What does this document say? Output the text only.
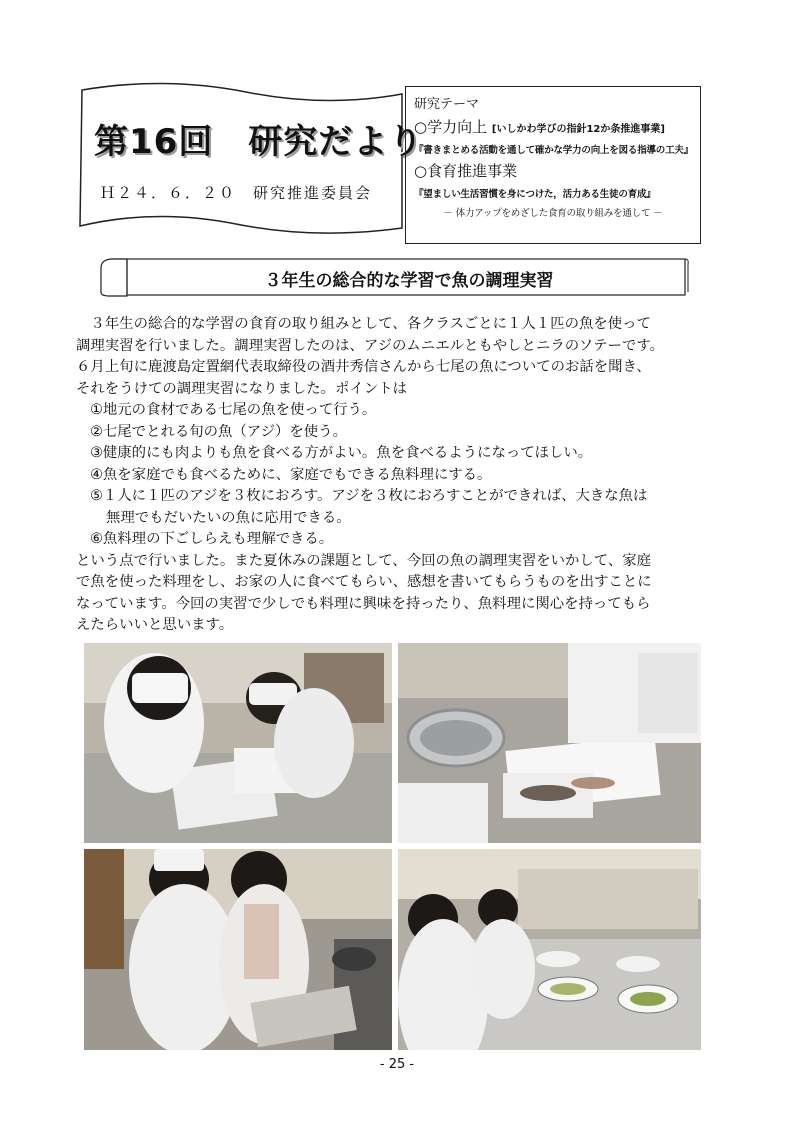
第16回　研究だより
Ｈ２４．６．２０　研究推進委員会
研究テーマ
○学力向上 [いしかわ学びの指針12か条推進事業]
『書きまとめる活動を通して確かな学力の向上を図る指導の工夫』
○食育推進事業
『望ましい生活習慣を身につけた，活力ある生徒の育成』
－ 体力アップをめざした食育の取り組みを通して －
３年生の総合的な学習で魚の調理実習

　３年生の総合的な学習の食育の取り組みとして、各クラスごとに１人１匹の魚を使って

調理実習を行いました。調理実習したのは、アジのムニエルともやしとニラのソテーです。

６月上旬に鹿渡島定置網代表取締役の酒井秀信さんから七尾の魚についてのお話を聞き、

それをうけての調理実習になりました。ポイントは

①地元の食材である七尾の魚を使って行う。

②七尾でとれる旬の魚（アジ）を使う。

③健康的にも肉よりも魚を食べる方がよい。魚を食べるようになってほしい。

④魚を家庭でも食べるために、家庭でもできる魚料理にする。

⑤１人に１匹のアジを３枚におろす。アジを３枚におろすことができれば、大きな魚は

無理でもだいたいの魚に応用できる。

⑥魚料理の下ごしらえも理解できる。

という点で行いました。また夏休みの課題として、今回の魚の調理実習をいかして、家庭

で魚を使った料理をし、お家の人に食べてもらい、感想を書いてもらうものを出すことに

なっています。今回の実習で少しでも料理に興味を持ったり、魚料理に関心を持ってもら

えたらいいと思います。

- 25 -
